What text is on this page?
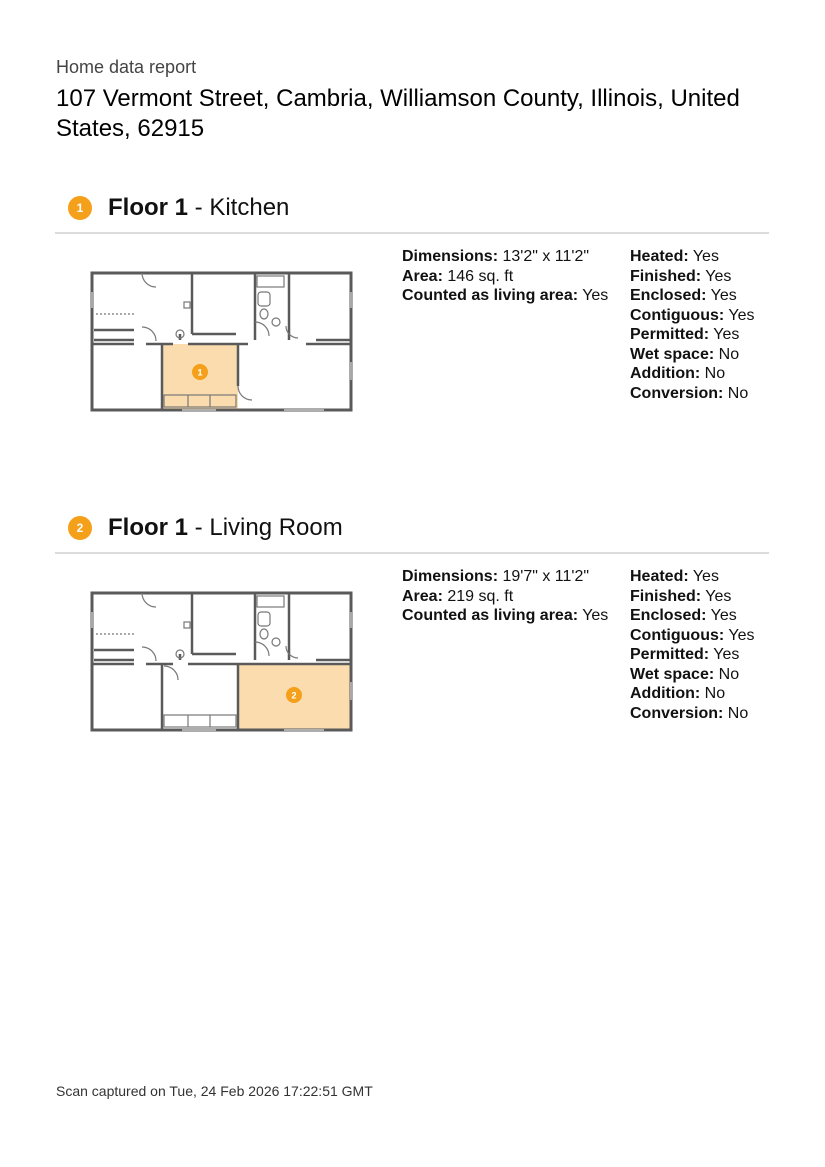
Home data report
107 Vermont Street, Cambria, Williamson County, Illinois, United States, 62915
1	Floor 1 - Kitchen
1
Dimensions: 13'2" x 11'2"
Area: 146 sq. ft
Counted as living area: Yes
Heated: Yes
Finished: Yes
Enclosed: Yes
Contiguous: Yes
Permitted: Yes
Wet space: No
Addition: No
Conversion: No
2	Floor 1 - Living Room
2
Dimensions: 19'7" x 11'2"
Area: 219 sq. ft
Counted as living area: Yes
Heated: Yes
Finished: Yes
Enclosed: Yes
Contiguous: Yes
Permitted: Yes
Wet space: No
Addition: No
Conversion: No
Scan captured on Tue, 24 Feb 2026 17:22:51 GMT
